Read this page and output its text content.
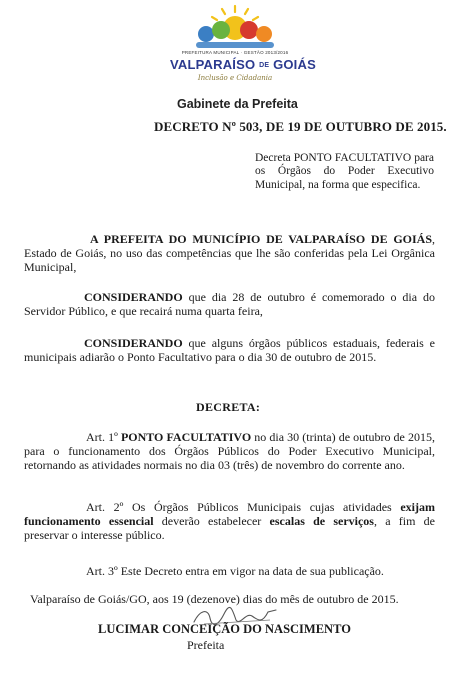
PREFEITURA MUNICIPAL · GESTÃO 2013/2016
VALPARAÍSO DE GOIÁS
Inclusão e Cidadania
Gabinete da Prefeita
DECRETO Nº 503, DE 19 DE OUTUBRO DE 2015.
Decreta PONTO FACULTATIVO para os Órgãos do Poder Executivo Municipal, na forma que especifica.
A PREFEITA DO MUNICÍPIO DE VALPARAÍSO DE GOIÁS, Estado de Goiás, no uso das competências que lhe são conferidas pela Lei Orgânica Municipal,
CONSIDERANDO que dia 28 de outubro é comemorado o dia do Servidor Público, e que recairá numa quarta feira,
CONSIDERANDO que alguns órgãos públicos estaduais, federais e municipais adiarão o Ponto Facultativo para o dia 30 de outubro de 2015.
DECRETA:
Art. 1º PONTO FACULTATIVO no dia 30 (trinta) de outubro de 2015, para o funcionamento dos Órgãos Públicos do Poder Executivo Municipal, retornando as atividades normais no dia 03 (três) de novembro do corrente ano.
Art. 2º Os Órgãos Públicos Municipais cujas atividades exijam funcionamento essencial deverão estabelecer escalas de serviços, a fim de preservar o interesse público.
Art. 3º Este Decreto entra em vigor na data de sua publicação.
Valparaíso de Goiás/GO, aos 19 (dezenove) dias do mês de outubro de 2015.
LUCIMAR CONCEIÇÃO DO NASCIMENTO
Prefeita
